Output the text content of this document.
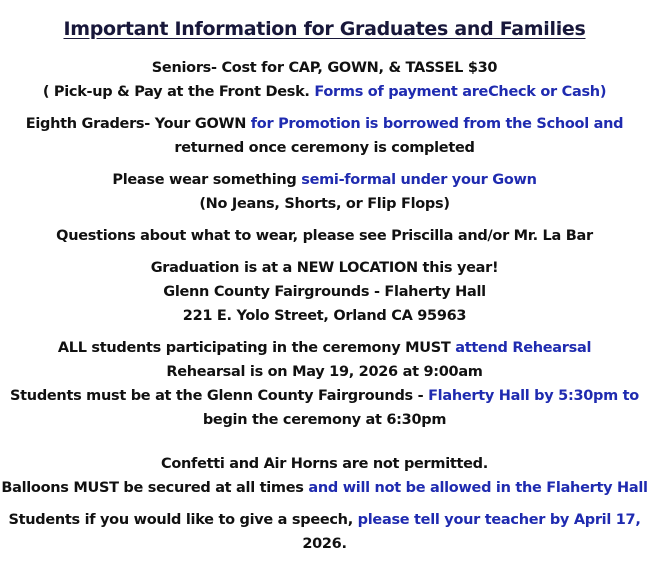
Important Information for Graduates and Families
Seniors- Cost for CAP, GOWN, & TASSEL $30
( Pick-up & Pay at the Front Desk. Forms of payment areCheck or Cash)
Eighth Graders- Your GOWN for Promotion is borrowed from the School and
returned once ceremony is completed
Please wear something semi-formal under your Gown
(No Jeans, Shorts, or Flip Flops)
Questions about what to wear, please see Priscilla and/or Mr. La Bar
Graduation is at a NEW LOCATION this year!
Glenn County Fairgrounds - Flaherty Hall
221 E. Yolo Street, Orland CA 95963
ALL students participating in the ceremony MUST attend Rehearsal
Rehearsal is on May 19, 2026 at 9:00am
Students must be at the Glenn County Fairgrounds - Flaherty Hall by 5:30pm to
begin the ceremony at 6:30pm
Confetti and Air Horns are not permitted.
Balloons MUST be secured at all times and will not be allowed in the Flaherty Hall
Students if you would like to give a speech, please tell your teacher by April 17,
2026.
